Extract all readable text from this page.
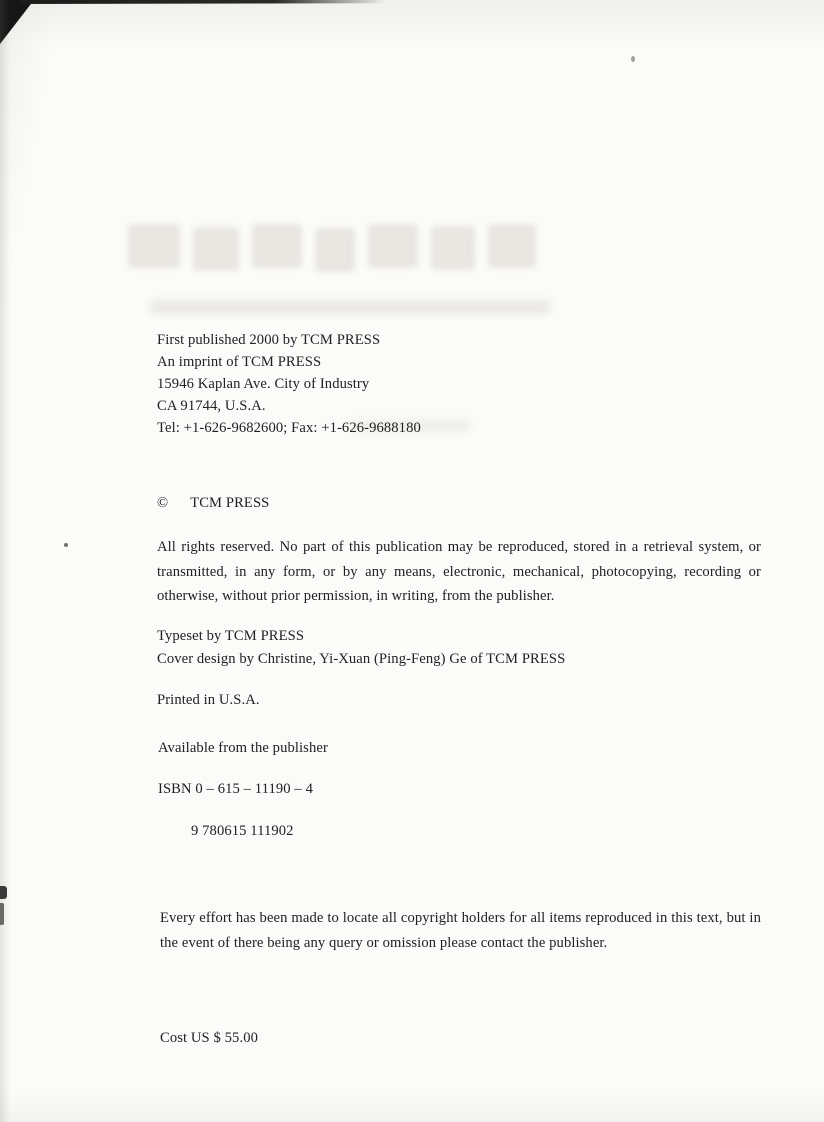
First published 2000 by TCM PRESS
An imprint of TCM PRESS
15946 Kaplan Ave. City of Industry
CA 91744, U.S.A.
Tel: +1-626-9682600; Fax: +1-626-9688180
© TCM PRESS
All rights reserved. No part of this publication may be reproduced, stored in a retrieval system, or transmitted, in any form, or by any means, electronic, mechanical, photocopying, recording or otherwise, without prior permission, in writing, from the publisher.
Typeset by TCM PRESS
Cover design by Christine, Yi-Xuan (Ping-Feng) Ge of TCM PRESS
Printed in U.S.A.
Available from the publisher
ISBN 0 – 615 – 11190 – 4
9 780615 111902
Every effort has been made to locate all copyright holders for all items reproduced in this text, but in the event of there being any query or omission please contact the publisher.
Cost US $ 55.00
